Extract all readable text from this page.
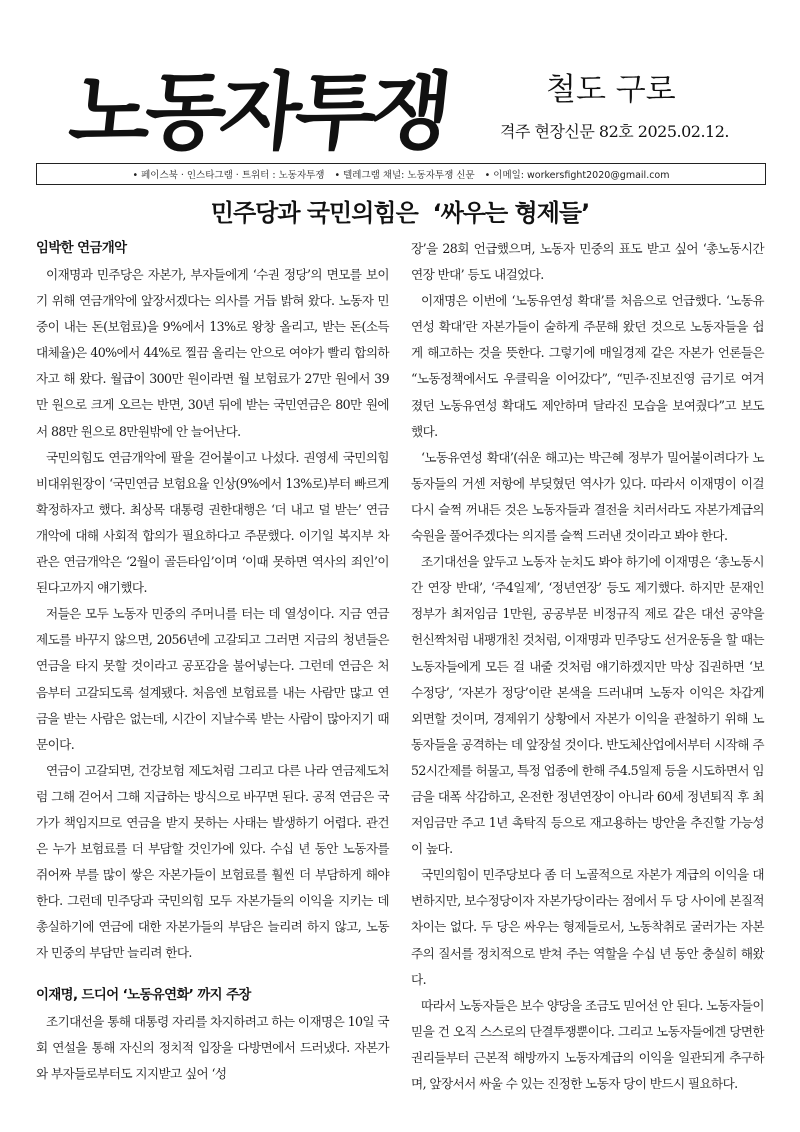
노동자투쟁	철도 구로
격주 현장신문 82호 2025.02.12.
• 페이스북 · 인스타그램 · 트위터 : 노동자투쟁 • 텔레그램 채널: 노동자투쟁 신문 • 이메일: workersfight2020@gmail.com
민주당과 국민의힘은  ‘싸우는 형제들’
임박한 연금개악

이재명과 민주당은 자본가, 부자들에게 ‘수권 정당’의 면모를 보이기 위해 연금개악에 앞장서겠다는 의사를 거듭 밝혀 왔다. 노동자 민중이 내는 돈(보험료)을 9%에서 13%로 왕창 올리고, 받는 돈(소득대체율)은 40%에서 44%로 찔끔 올리는 안으로 여야가 빨리 합의하자고 해 왔다. 월급이 300만 원이라면 월 보험료가 27만 원에서 39만 원으로 크게 오르는 반면, 30년 뒤에 받는 국민연금은 80만 원에서 88만 원으로 8만원밖에 안 늘어난다.

국민의힘도 연금개악에 팔을 걷어붙이고 나섰다. 권영세 국민의힘 비대위원장이 ‘국민연금 보험요율 인상(9%에서 13%로)부터 빠르게 확정하자고 했다. 최상목 대통령 권한대행은 ‘더 내고 덜 받는’ 연금개악에 대해 사회적 합의가 필요하다고 주문했다. 이기일 복지부 차관은 연금개악은 ‘2월이 골든타임’이며 ‘이때 못하면 역사의 죄인’이 된다고까지 얘기했다.

저들은 모두 노동자 민중의 주머니를 터는 데 열성이다. 지금 연금제도를 바꾸지 않으면, 2056년에 고갈되고 그러면 지금의 청년들은 연금을 타지 못할 것이라고 공포감을 불어넣는다. 그런데 연금은 처음부터 고갈되도록 설계됐다. 처음엔 보험료를 내는 사람만 많고 연금을 받는 사람은 없는데, 시간이 지날수록 받는 사람이 많아지기 때문이다.

연금이 고갈되면, 건강보험 제도처럼 그리고 다른 나라 연금제도처럼 그해 걷어서 그해 지급하는 방식으로 바꾸면 된다. 공적 연금은 국가가 책임지므로 연금을 받지 못하는 사태는 발생하기 어렵다. 관건은 누가 보험료를 더 부담할 것인가에 있다. 수십 년 동안 노동자를 쥐어짜 부를 많이 쌓은 자본가들이 보험료를 훨씬 더 부담하게 해야 한다. 그런데 민주당과 국민의힘 모두 자본가들의 이익을 지키는 데 총실하기에 연금에 대한 자본가들의 부담은 늘리려 하지 않고, 노동자 민중의 부담만 늘리려 한다.

이재명, 드디어 ‘노동유연화’ 까지 주장

조기대선을 통해 대통령 자리를 차지하려고 하는 이재명은 10일 국회 연설을 통해 자신의 정치적 입장을 다방면에서 드러냈다. 자본가와 부자들로부터도 지지받고 싶어 ‘성

장’을 28회 언급했으며, 노동자 민중의 표도 받고 싶어 ‘총노동시간 연장 반대’ 등도 내걸었다.

이재명은 이번에 ‘노동유연성 확대’를 처음으로 언급했다. ‘노동유연성 확대’란 자본가들이 술하게 주문해 왔던 것으로 노동자들을 쉽게 해고하는 것을 뜻한다. 그렇기에 매일경제 같은 자본가 언론들은 “노동정책에서도 우클릭을 이어갔다”, “민주·진보진영 금기로 여겨졌던 노동유연성 확대도 제안하며 달라진 모습을 보여줬다”고 보도했다.

‘노동유연성 확대’(쉬운 해고)는 박근혜 정부가 밀어붙이려다가 노동자들의 거센 저항에 부딪혔던 역사가 있다. 따라서 이재명이 이걸 다시 슬쩍 꺼내든 것은 노동자들과 결전을 치러서라도 자본가계급의 숙원을 풀어주겠다는 의지를 슬쩍 드러낸 것이라고 봐야 한다.

조기대선을 앞두고 노동자 눈치도 봐야 하기에 이재명은 ‘총노동시간 연장 반대’, ‘주4일제’, ‘정년연장’ 등도 제기했다. 하지만 문재인 정부가 최저임금 1만원, 공공부문 비정규직 제로 같은 대선 공약을 헌신짝처럼 내팽개친 것처럼, 이재명과 민주당도 선거운동을 할 때는 노동자들에게 모든 걸 내줄 것처럼 얘기하겠지만 막상 집권하면 ‘보수정당’, ‘자본가 정당’이란 본색을 드러내며 노동자 이익은 차갑게 외면할 것이며, 경제위기 상황에서 자본가 이익을 관철하기 위해 노동자들을 공격하는 데 앞장설 것이다. 반도체산업에서부터 시작해 주52시간제를 허물고, 특정 업종에 한해 주4.5일제 등을 시도하면서 임금을 대폭 삭감하고, 온전한 정년연장이 아니라 60세 정년퇴직 후 최저임금만 주고 1년 촉탁직 등으로 재고용하는 방안을 추진할 가능성이 높다.

국민의힘이 민주당보다 좀 더 노골적으로 자본가 계급의 이익을 대변하지만, 보수정당이자 자본가당이라는 점에서 두 당 사이에 본질적 차이는 없다. 두 당은 싸우는 형제들로서, 노동착취로 굴러가는 자본주의 질서를 정치적으로 받쳐 주는 역할을 수십 년 동안 충실히 해왔다.

따라서 노동자들은 보수 양당을 조금도 믿어선 안 된다. 노동자들이 믿을 건 오직 스스로의 단결투쟁뿐이다. 그리고 노동자들에겐 당면한 권리들부터 근본적 해방까지 노동자계급의 이익을 일관되게 추구하며, 앞장서서 싸울 수 있는 진정한 노동자 당이 반드시 필요하다.
